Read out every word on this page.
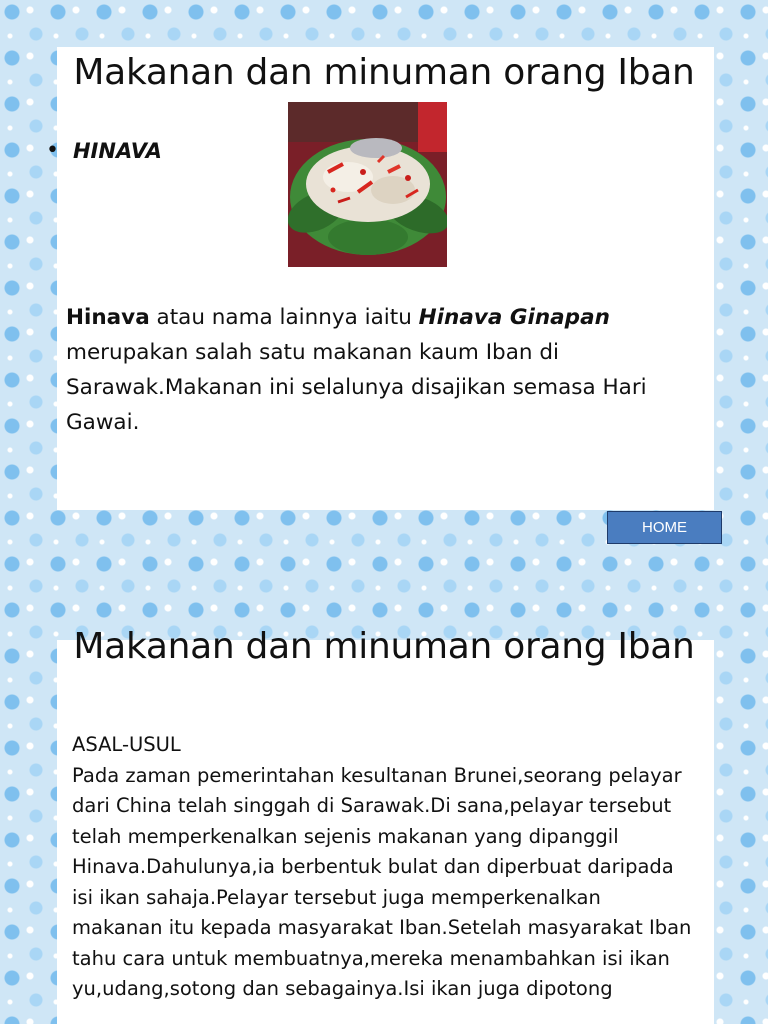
Makanan dan minuman orang Iban
• HINAVA
Hinava atau nama lainnya iaitu Hinava Ginapan merupakan salah satu makanan kaum Iban di Sarawak.Makanan ini selalunya disajikan semasa Hari Gawai.
HOME
Makanan dan minuman orang Iban

ASAL-USUL

Pada zaman pemerintahan kesultanan Brunei,seorang pelayar dari China telah singgah di Sarawak.Di sana,pelayar tersebut telah memperkenalkan sejenis makanan yang dipanggil Hinava.Dahulunya,ia berbentuk bulat dan diperbuat daripada isi ikan sahaja.Pelayar tersebut juga memperkenalkan makanan itu kepada masyarakat Iban.Setelah masyarakat Iban tahu cara untuk membuatnya,mereka menambahkan isi ikan yu,udang,sotong dan sebagainya.Isi ikan juga dipotong
